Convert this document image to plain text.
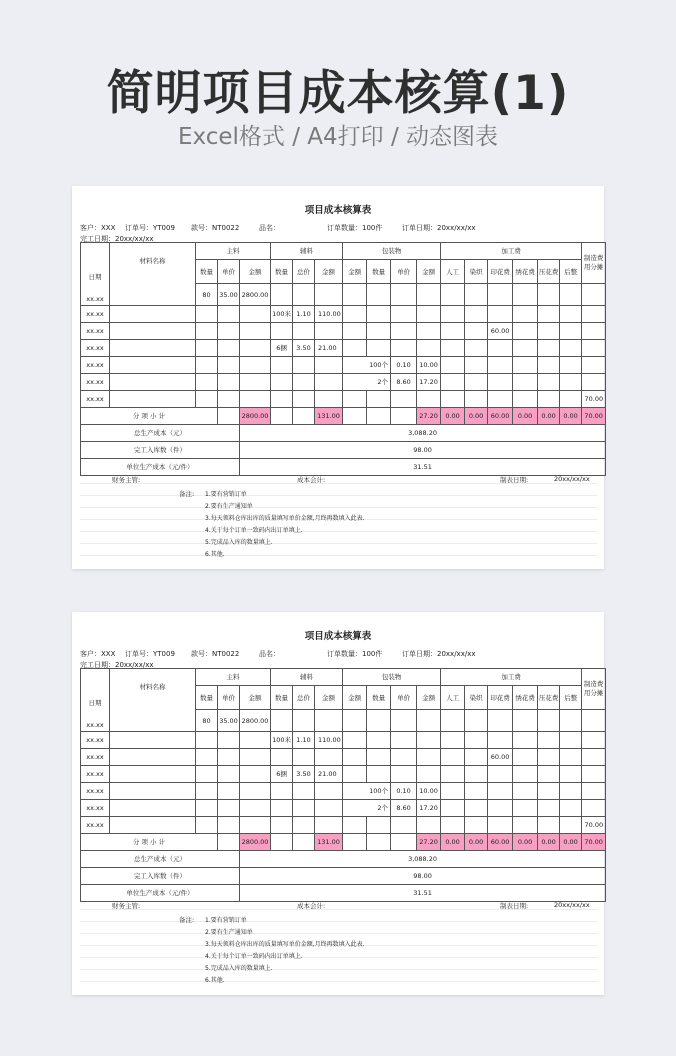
简明项目成本核算(1)
Excel格式 / A4打印 / 动态图表
项目成本核算表
客户：XXX 订单号：YT009 款号：NT0022	品名：	订单数量：100件	订单日期：20xx/xx/xx
完工日期：20xx/xx/xx
日期
xx.xx	材料名称	主料			辅料			包装物				加工费						制造费用分摊
		数量	单价	金额	数量	总价	金额	金额	数量	单价	金额	人工	染织	印花费	绣花费	压花费	后整	
		80	35.00	2800.00														
xx.xx					100米	1.10	110.00											
xx.xx														60.00				
xx.xx					6捆	3.50	21.00											
xx.xx								100个		0.10	10.00							
xx.xx								2个		8.60	17.20							
xx.xx																		70.00
分 项 小 计				2800.00			131.00				27.20	0.00	0.00	60.00	0.00	0.00	0.00	70.00
总生产成本（元）				3,088.20														
完工入库数（件）				98.00														
单位生产成本（元/件）				31.51														
财务主管:	成本会计:	制表日期:	20xx/xx/xx
备注: 1.要有营销订单
2.要有生产通知单
3.每天领料仓库出库的质量填写单价金额,月终再数填入此表.
4.关于每个订单一致码内出订单填上.
5.完成品入库的数量填上.
6.其他.
项目成本核算表
客户：XXX 订单号：YT009 款号：NT0022	品名：	订单数量：100件	订单日期：20xx/xx/xx
完工日期：20xx/xx/xx
日期
xx.xx	材料名称	主料			辅料			包装物				加工费						制造费用分摊
		数量	单价	金额	数量	总价	金额	金额	数量	单价	金额	人工	染织	印花费	绣花费	压花费	后整	
		80	35.00	2800.00														
xx.xx					100米	1.10	110.00											
xx.xx														60.00				
xx.xx					6捆	3.50	21.00											
xx.xx								100个		0.10	10.00							
xx.xx								2个		8.60	17.20							
xx.xx																		70.00
分 项 小 计				2800.00			131.00				27.20	0.00	0.00	60.00	0.00	0.00	0.00	70.00
总生产成本（元）				3,088.20														
完工入库数（件）				98.00														
单位生产成本（元/件）				31.51														
财务主管:	成本会计:	制表日期:	20xx/xx/xx
备注: 1.要有营销订单
2.要有生产通知单
3.每天领料仓库出库的质量填写单价金额,月终再数填入此表.
4.关于每个订单一致码内出订单填上.
5.完成品入库的数量填上.
6.其他.
